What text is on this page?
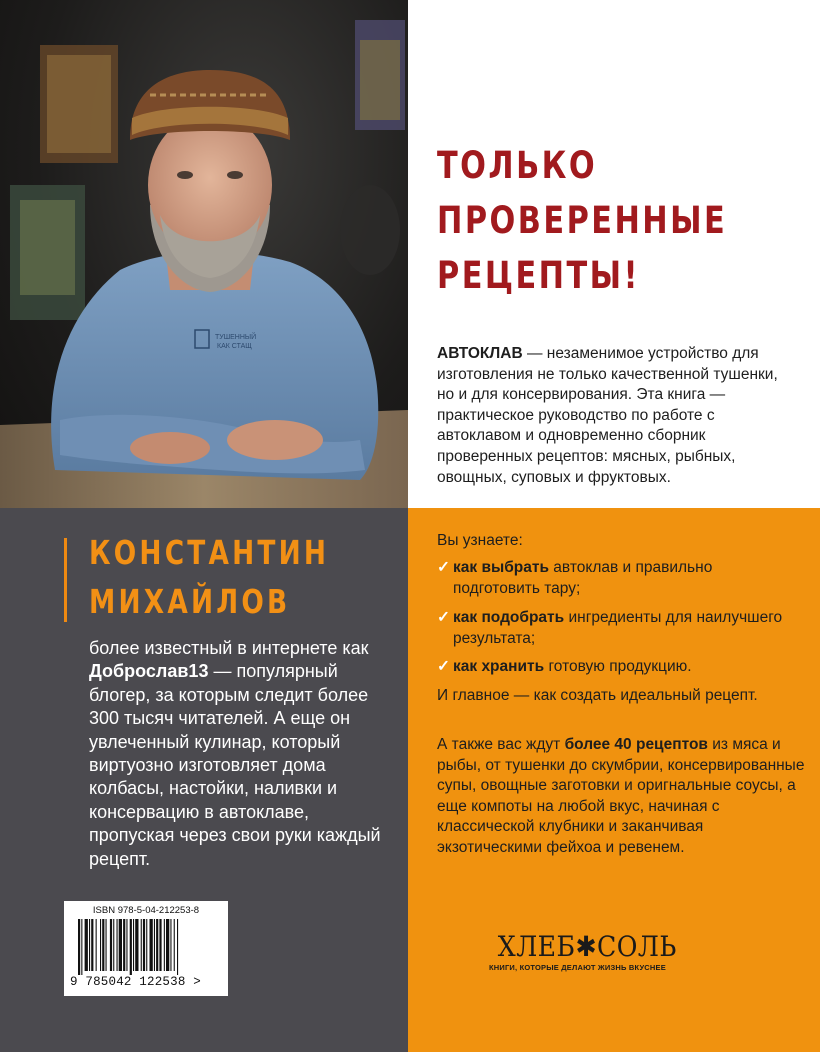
ТУШЕННЫЙ
КАК СТАЩ
ТОЛЬКО
ПРОВЕРЕННЫЕ
РЕЦЕПТЫ!
АВТОКЛАВ — незаменимое устройство для изготовления не только качественной тушенки, но и для консервирования. Эта книга — практическое руководство по работе с автоклавом и одновременно сборник проверенных рецептов: мясных, рыбных, овощных, суповых и фруктовых.
КОНСТАНТИН
МИХАЙЛОВ
более известный в интернете как Доброслав13 — популярный блогер, за которым следит более 300 тысяч читателей. А еще он увлеченный кулинар, который виртуозно изготовляет дома колбасы, настойки, наливки и консервацию в автоклаве, пропуская через свои руки каждый рецепт.
ISBN 978-5-04-212253-8
9 785042 122538 >
Вы узнаете:
✓ как выбрать автоклав и правильно подготовить тару;
✓ как подобрать ингредиенты для наилучшего результата;
✓ как хранить готовую продукцию.
И главное — как создать идеальный рецепт.
А также вас ждут более 40 рецептов из мяса и рыбы, от тушенки до скумбрии, консервированные супы, овощные заготовки и оригнальные соусы, а еще компоты на любой вкус, начиная с классической клубники и заканчивая экзотическими фейхоа и ревенем.
ХЛЕБ✱СОЛЬ
КНИГИ, КОТОРЫЕ ДЕЛАЮТ ЖИЗНЬ ВКУСНЕЕ
